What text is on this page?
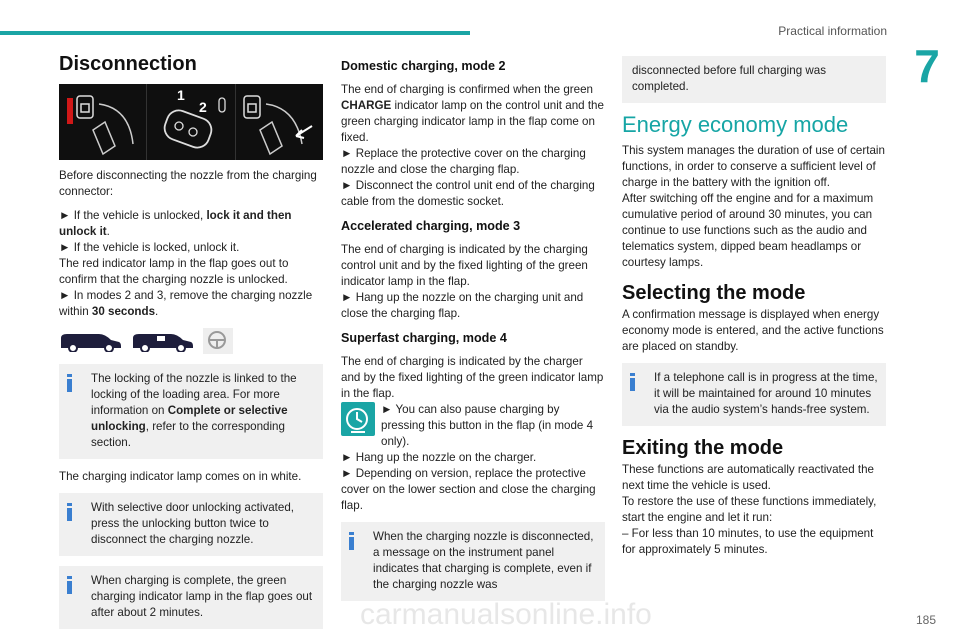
Practical information
7
Disconnection
1
2

Before disconnecting the nozzle from the charging connector:

► If the vehicle is unlocked, lock it and then unlock it.

► If the vehicle is locked, unlock it.

The red indicator lamp in the flap goes out to confirm that the charging nozzle is unlocked.

► In modes 2 and 3, remove the charging nozzle within 30 seconds.

The locking of the nozzle is linked to the locking of the loading area. For more information on Complete or selective unlocking, refer to the corresponding section.

The charging indicator lamp comes on in white.

With selective door unlocking activated, press the unlocking button twice to disconnect the charging nozzle.
When charging is complete, the green charging indicator lamp in the flap goes out after about 2 minutes.
Domestic charging, mode 2

The end of charging is confirmed when the green CHARGE indicator lamp on the control unit and the green charging indicator lamp in the flap come on fixed.

► Replace the protective cover on the charging nozzle and close the charging flap.

► Disconnect the control unit end of the charging cable from the domestic socket.

Accelerated charging, mode 3

The end of charging is indicated by the charging control unit and by the fixed lighting of the green indicator lamp in the flap.

► Hang up the nozzle on the charging unit and close the charging flap.

Superfast charging, mode 4

The end of charging is indicated by the charger and by the fixed lighting of the green indicator lamp in the flap.

► You can also pause charging by pressing this button in the flap (in mode 4 only).

► Hang up the nozzle on the charger.

► Depending on version, replace the protective cover on the lower section and close the charging flap.

When the charging nozzle is disconnected, a message on the instrument panel indicates that charging is complete, even if the charging nozzle was
disconnected before full charging was completed.
Energy economy mode

This system manages the duration of use of certain functions, in order to conserve a sufficient level of charge in the battery with the ignition off.

After switching off the engine and for a maximum cumulative period of around 30 minutes, you can continue to use functions such as the audio and telematics system, dipped beam headlamps or courtesy lamps.

Selecting the mode

A confirmation message is displayed when energy economy mode is entered, and the active functions are placed on standby.

If a telephone call is in progress at the time, it will be maintained for around 10 minutes via the audio system’s hands-free system.
Exiting the mode

These functions are automatically reactivated the next time the vehicle is used.

To restore the use of these functions immediately, start the engine and let it run:

– For less than 10 minutes, to use the equipment for approximately 5 minutes.

carmanualsonline.info	185
